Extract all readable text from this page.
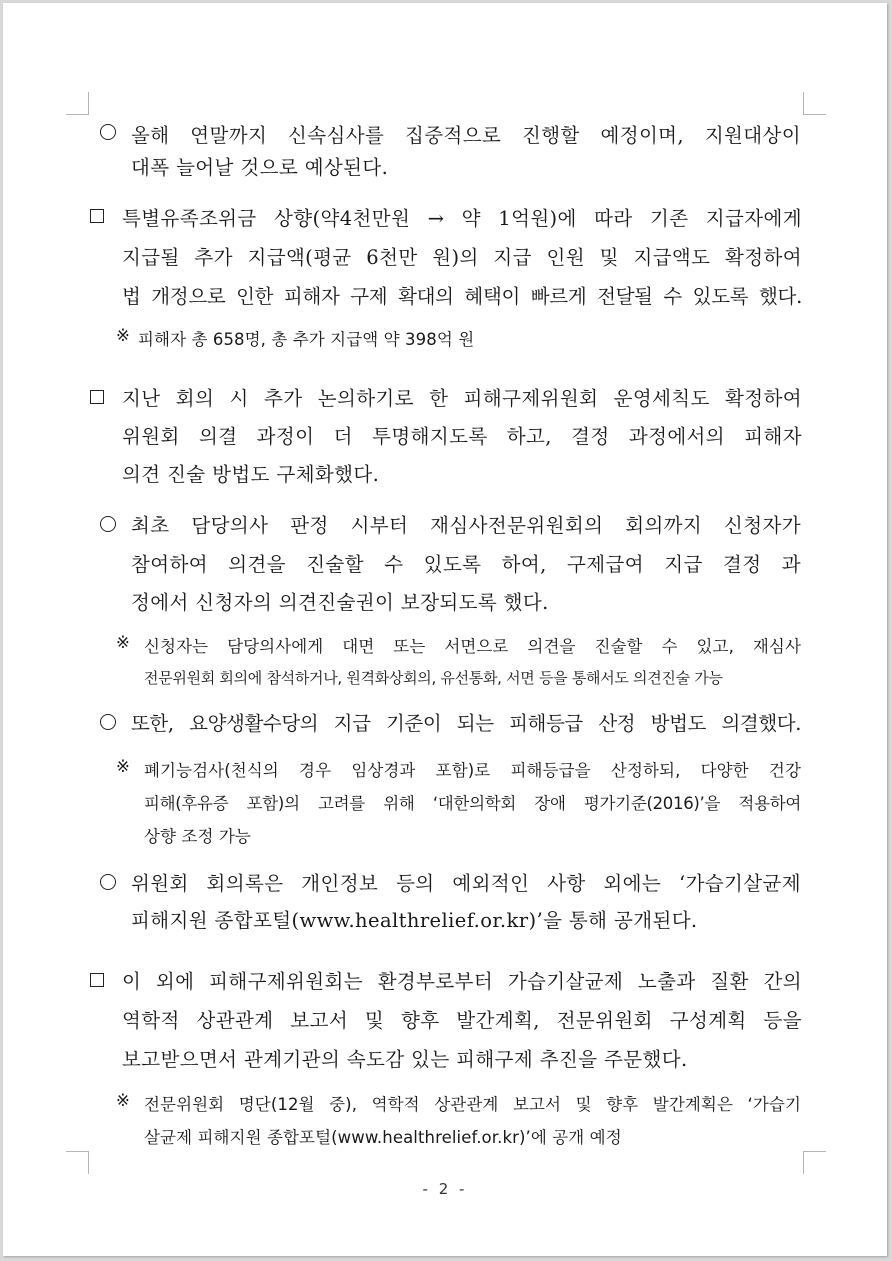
올해 연말까지 신속심사를 집중적으로 진행할 예정이며, 지원대상이
대폭 늘어날 것으로 예상된다.
특별유족조위금 상향(약4천만원 → 약 1억원)에 따라 기존 지급자에게
지급될 추가 지급액(평균 6천만 원)의 지급 인원 및 지급액도 확정하여
법 개정으로 인한 피해자 구제 확대의 혜택이 빠르게 전달될 수 있도록 했다.
※ 피해자 총 658명, 총 추가 지급액 약 398억 원
지난 회의 시 추가 논의하기로 한 피해구제위원회 운영세칙도 확정하여
위원회 의결 과정이 더 투명해지도록 하고, 결정 과정에서의 피해자
의견 진술 방법도 구체화했다.
최초 담당의사 판정 시부터 재심사전문위원회의 회의까지 신청자가
참여하여 의견을 진술할 수 있도록 하여, 구제급여 지급 결정 과
정에서 신청자의 의견진술권이 보장되도록 했다.
※ 신청자는 담당의사에게 대면 또는 서면으로 의견을 진술할 수 있고, 재심사
전문위원회 회의에 참석하거나, 원격화상회의, 유선통화, 서면 등을 통해서도 의견진술 가능
또한, 요양생활수당의 지급 기준이 되는 피해등급 산정 방법도 의결했다.
※ 폐기능검사(천식의 경우 임상경과 포함)로 피해등급을 산정하되, 다양한 건강
피해(후유증 포함)의 고려를 위해 ‘대한의학회 장애 평가기준(2016)’을 적용하여
상향 조정 가능
위원회 회의록은 개인정보 등의 예외적인 사항 외에는 ‘가습기살균제
피해지원 종합포털(www.healthrelief.or.kr)’을 통해 공개된다.
이 외에 피해구제위원회는 환경부로부터 가습기살균제 노출과 질환 간의
역학적 상관관계 보고서 및 향후 발간계획, 전문위원회 구성계획 등을
보고받으면서 관계기관의 속도감 있는 피해구제 추진을 주문했다.
※ 전문위원회 명단(12월 중), 역학적 상관관계 보고서 및 향후 발간계획은 ‘가습기
살균제 피해지원 종합포털(www.healthrelief.or.kr)’에 공개 예정
- 2 -
